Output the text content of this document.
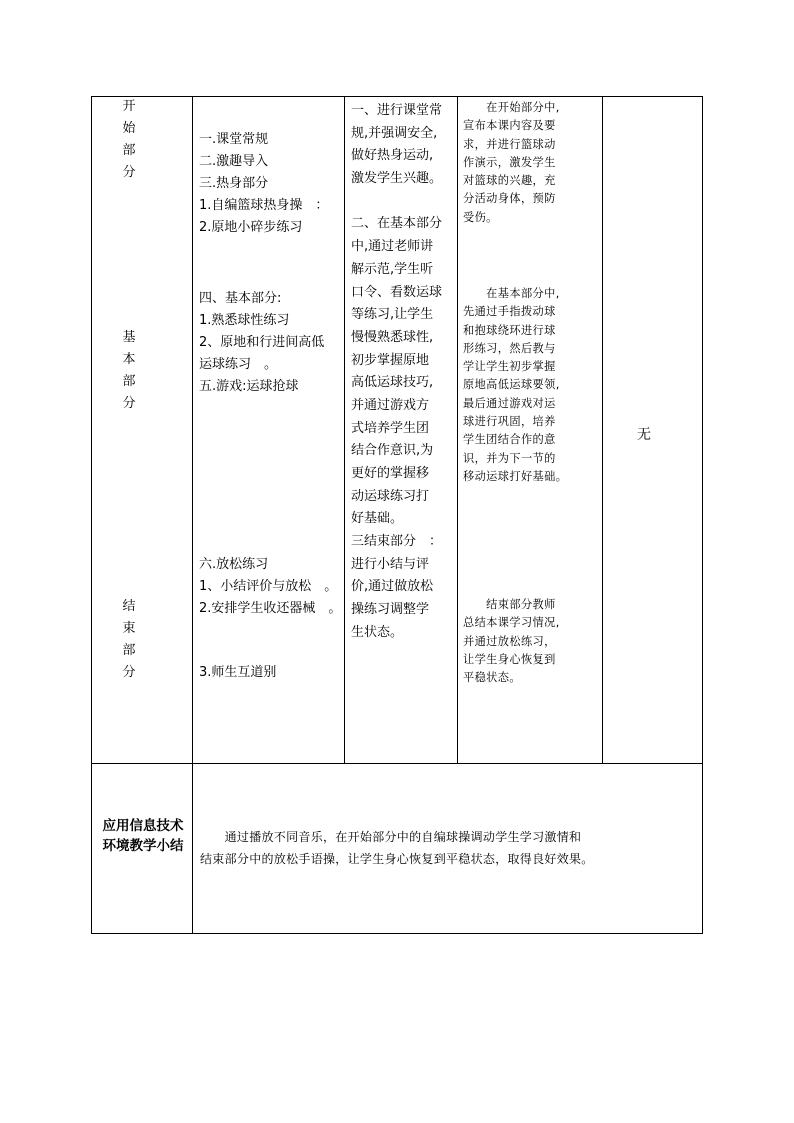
开
始
部
分
基
本
部
分
结
束
部
分
一.课堂常规
二.激趣导入
三.热身部分
1.自编篮球热身操　：
2.原地小碎步练习
四、基本部分:
1.熟悉球性练习
2、原地和行进间高低
运球练习　。
五.游戏:运球抢球
六.放松练习
1、小结评价与放松　。
2.安排学生收还器械　。
3.师生互道别
一、进行课堂常
规,并强调安全,
做好热身运动,
激发学生兴趣。
二、在基本部分
中,通过老师讲
解示范,学生听
口令、看数运球
等练习,让学生
慢慢熟悉球性,
初步掌握原地
高低运球技巧,
并通过游戏方
式培养学生团
结合作意识,为
更好的掌握移
动运球练习打
好基础。
三结束部分　：
进行小结与评
价,通过做放松
操练习调整学
生状态。
　　在开始部分中,
宣布本课内容及要
求，并进行篮球动
作演示，激发学生
对篮球的兴趣，充
分活动身体，预防
受伤。
　　在基本部分中,
先通过手指拨动球
和抱球绕环进行球
形练习，然后教与
学让学生初步掌握
原地高低运球要领,
最后通过游戏对运
球进行巩固，培养
学生团结合作的意
识，并为下一节的
移动运球打好基础。
　　结束部分教师
总结本课学习情况,
并通过放松练习，
让学生身心恢复到
平稳状态。
无
应用信息技术环境教学小结
　　通过播放不同音乐，在开始部分中的自编球操调动学生学习激情和
结束部分中的放松手语操，让学生身心恢复到平稳状态，取得良好效果。
